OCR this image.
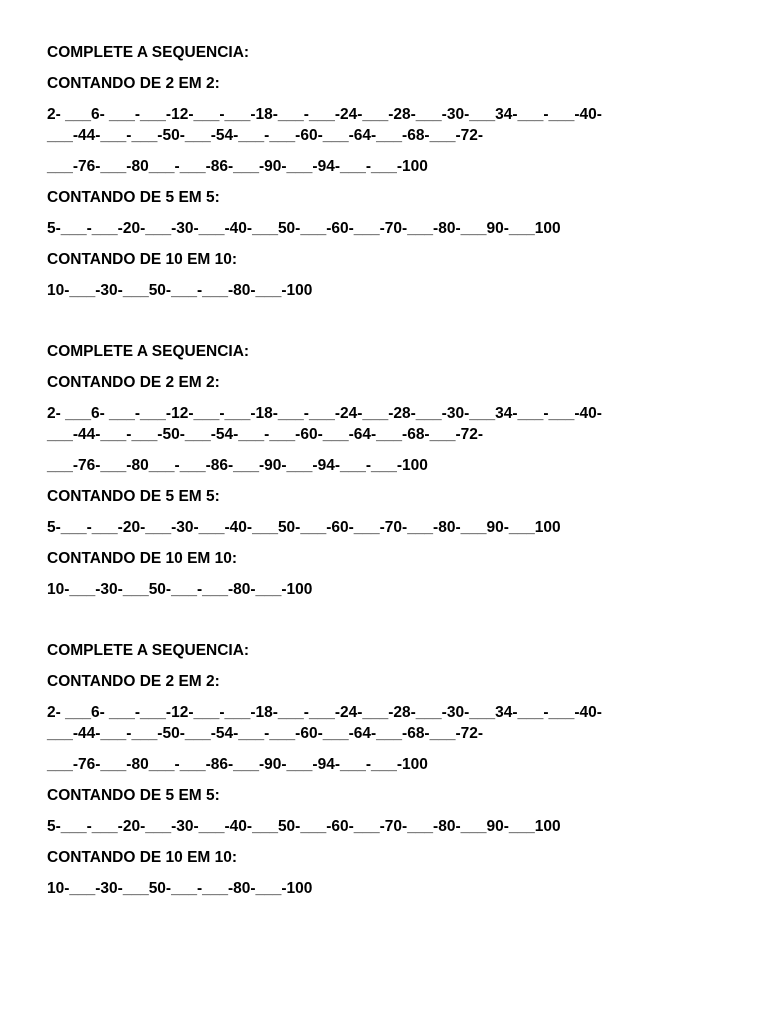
COMPLETE A SEQUENCIA:
CONTANDO DE 2 EM 2:
2- ___6- ___-___-12-___-___-18-___-___-24-___-28-___-30-___34-___-___-40-
___-44-___-___-50-___-54-___-___-60-___-64-___-68-___-72-
___-76-___-80___-___-86-___-90-___-94-___-___-100
CONTANDO DE 5 EM 5:
5-___-___-20-___-30-___-40-___50-___-60-___-70-___-80-___90-___100
CONTANDO DE 10 EM 10:
10-___-30-___50-___-___-80-___-100
COMPLETE A SEQUENCIA:
CONTANDO DE 2 EM 2:
2- ___6- ___-___-12-___-___-18-___-___-24-___-28-___-30-___34-___-___-40-
___-44-___-___-50-___-54-___-___-60-___-64-___-68-___-72-
___-76-___-80___-___-86-___-90-___-94-___-___-100
CONTANDO DE 5 EM 5:
5-___-___-20-___-30-___-40-___50-___-60-___-70-___-80-___90-___100
CONTANDO DE 10 EM 10:
10-___-30-___50-___-___-80-___-100
COMPLETE A SEQUENCIA:
CONTANDO DE 2 EM 2:
2- ___6- ___-___-12-___-___-18-___-___-24-___-28-___-30-___34-___-___-40-
___-44-___-___-50-___-54-___-___-60-___-64-___-68-___-72-
___-76-___-80___-___-86-___-90-___-94-___-___-100
CONTANDO DE 5 EM 5:
5-___-___-20-___-30-___-40-___50-___-60-___-70-___-80-___90-___100
CONTANDO DE 10 EM 10:
10-___-30-___50-___-___-80-___-100
